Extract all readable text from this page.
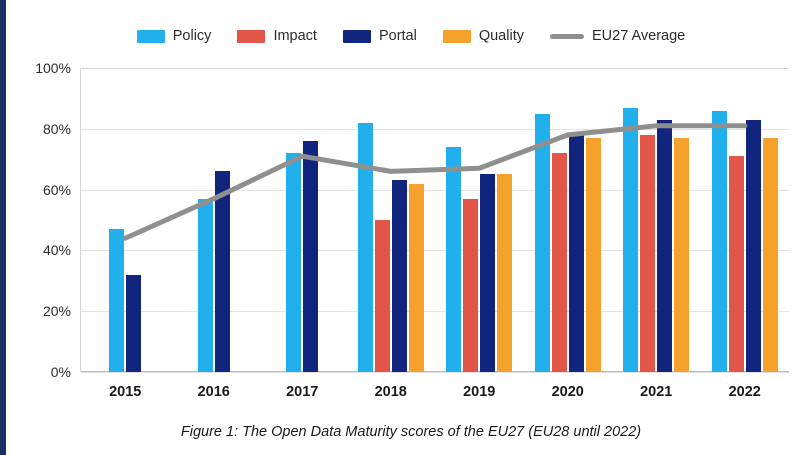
Policy	Impact	Portal	Quality	EU27 Average
0%
20%
40%
60%
80%
100%
2015	2016	2017	2018	2019	2020	2021	2022
Figure 1: The Open Data Maturity scores of the EU27 (EU28 until 2022)
